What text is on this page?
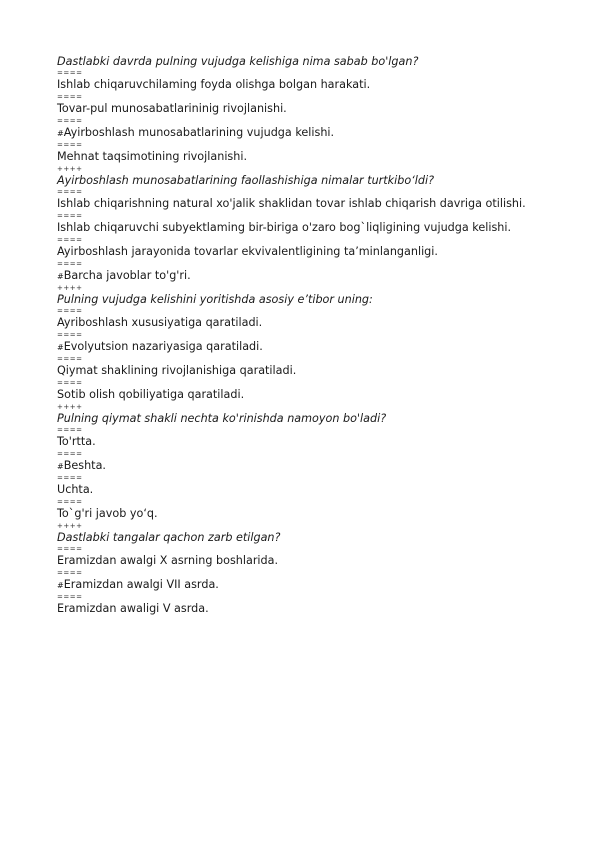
Dastlabki davrda pulning vujudga kelishiga nima sabab bo'lgan?
====
Ishlab chiqaruvchilaming foyda olishga bolgan harakati.
====
Tovar-pul munosabatlarininig rivojlanishi.
====
#Ayirboshlash munosabatlarining vujudga kelishi.
====
Mehnat taqsimotining rivojlanishi.
++++
Ayirboshlash munosabatlarining faollashishiga nimalar turtkibo‘ldi?
====
Ishlab chiqarishning natural xo'jalik shaklidan tovar ishlab chiqarish davriga otilishi.
====
Ishlab chiqaruvchi subyektlaming bir-biriga o'zaro bog`liqligining vujudga kelishi.
====
Ayirboshlash jarayonida tovarlar ekvivalentligining ta’minlanganligi.
====
#Barcha javoblar to'g'ri.
++++
Pulning vujudga kelishini yoritishda asosiy e’tibor uning:
====
Ayriboshlash xususiyatiga qaratiladi.
====
#Evolyutsion nazariyasiga qaratiladi.
====
Qiymat shaklining rivojlanishiga qaratiladi.
====
Sotib olish qobiliyatiga qaratiladi.
++++
Pulning qiymat shakli nechta ko'rinishda namoyon bo'ladi?
====
To'rtta.
====
#Beshta.
====
Uchta.
====
To`g'ri javob yo‘q.
++++
Dastlabki tangalar qachon zarb etilgan?
====
Eramizdan awalgi X asrning boshlarida.
====
#Eramizdan awalgi VII asrda.
====
Eramizdan awaligi V asrda.
